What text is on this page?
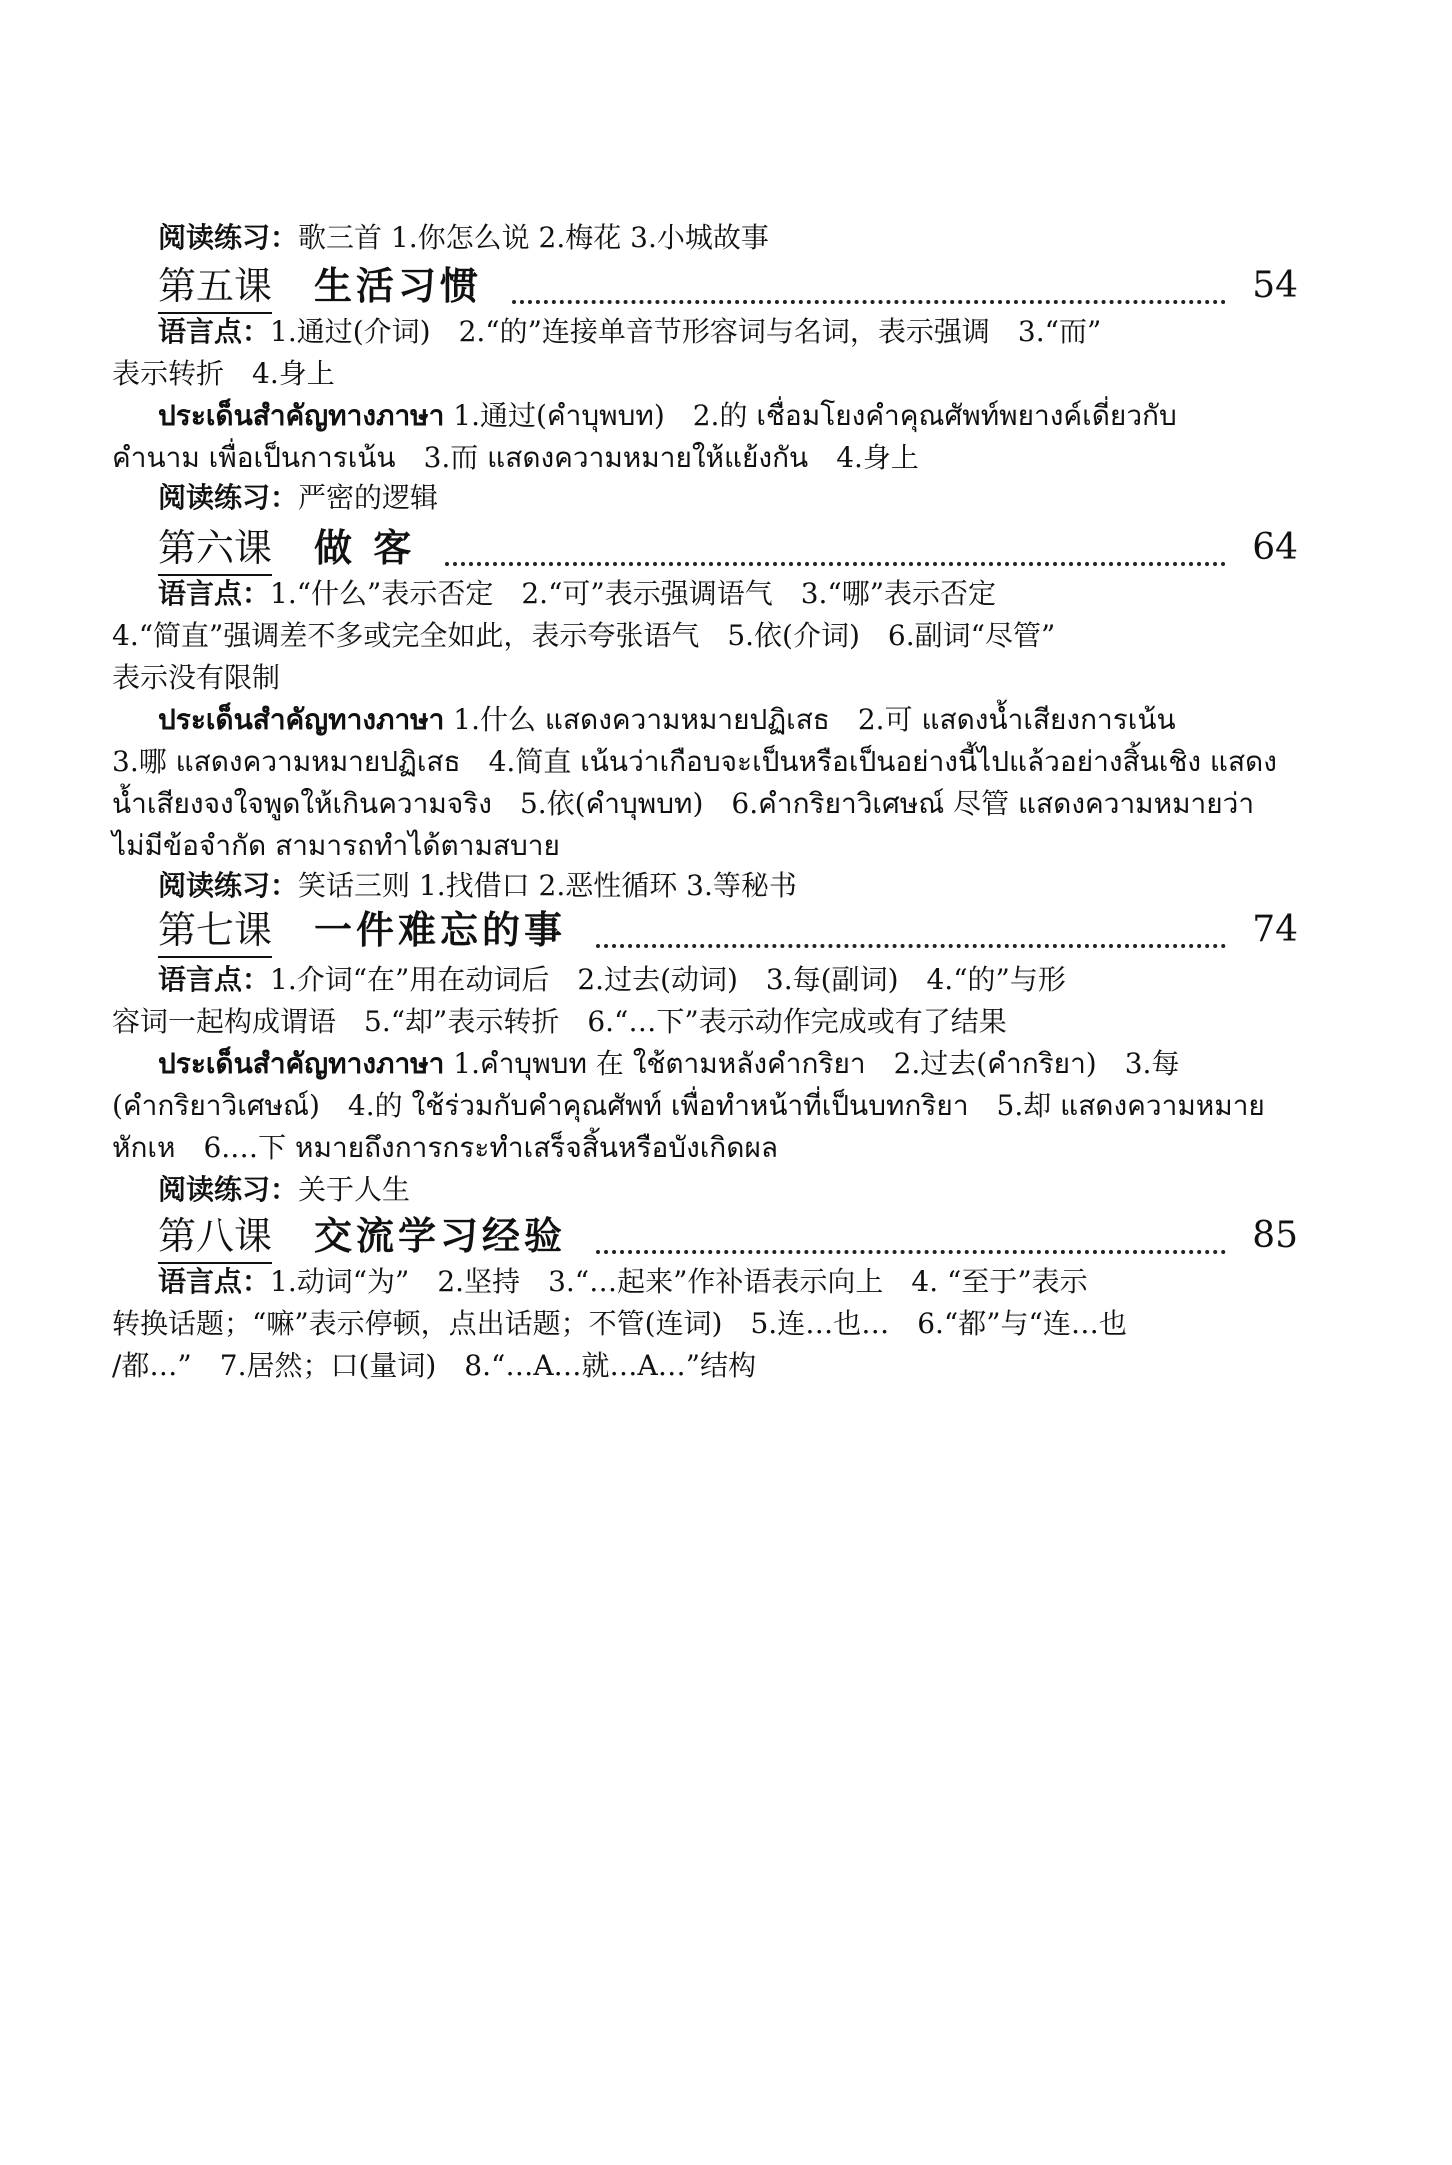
阅读练习：歌三首 1.你怎么说 2.梅花 3.小城故事
第五课 生活习惯	54
语言点：1.通过(介词)　2.“的”连接单音节形容词与名词，表示强调　3.“而”
表示转折　4.身上
ประเด็นสำคัญทางภาษา 1.通过(คำบุพบท)　2.的 เชื่อมโยงคำคุณศัพท์พยางค์เดี่ยวกับ
คำนาม เพื่อเป็นการเน้น　3.而 แสดงความหมายให้แย้งกัน　4.身上
阅读练习：严密的逻辑
第六课 做 客	64
语言点：1.“什么”表示否定　2.“可”表示强调语气　3.“哪”表示否定
4.“简直”强调差不多或完全如此，表示夸张语气　5.依(介词)　6.副词“尽管”
表示没有限制
ประเด็นสำคัญทางภาษา 1.什么 แสดงความหมายปฏิเสธ　2.可 แสดงน้ำเสียงการเน้น
3.哪 แสดงความหมายปฏิเสธ　4.简直 เน้นว่าเกือบจะเป็นหรือเป็นอย่างนี้ไปแล้วอย่างสิ้นเชิง แสดง
น้ำเสียงจงใจพูดให้เกินความจริง　5.依(คำบุพบท)　6.คำกริยาวิเศษณ์ 尽管 แสดงความหมายว่า
ไม่มีข้อจำกัด สามารถทำได้ตามสบาย
阅读练习：笑话三则 1.找借口 2.恶性循环 3.等秘书
第七课 一件难忘的事	74
语言点：1.介词“在”用在动词后　2.过去(动词)　3.每(副词)　4.“的”与形
容词一起构成谓语　5.“却”表示转折　6.“…下”表示动作完成或有了结果
ประเด็นสำคัญทางภาษา 1.คำบุพบท 在 ใช้ตามหลังคำกริยา　2.过去(คำกริยา)　3.每
(คำกริยาวิเศษณ์)　4.的 ใช้ร่วมกับคำคุณศัพท์ เพื่อทำหน้าที่เป็นบทกริยา　5.却 แสดงความหมาย
หักเห　6.…下 หมายถึงการกระทำเสร็จสิ้นหรือบังเกิดผล
阅读练习：关于人生
第八课 交流学习经验	85
语言点：1.动词“为”　2.坚持　3.“…起来”作补语表示向上　4. “至于”表示
转换话题；“嘛”表示停顿，点出话题；不管(连词)　5.连…也…　6.“都”与“连…也
/都…”　7.居然；口(量词)　8.“…A…就…A…”结构
